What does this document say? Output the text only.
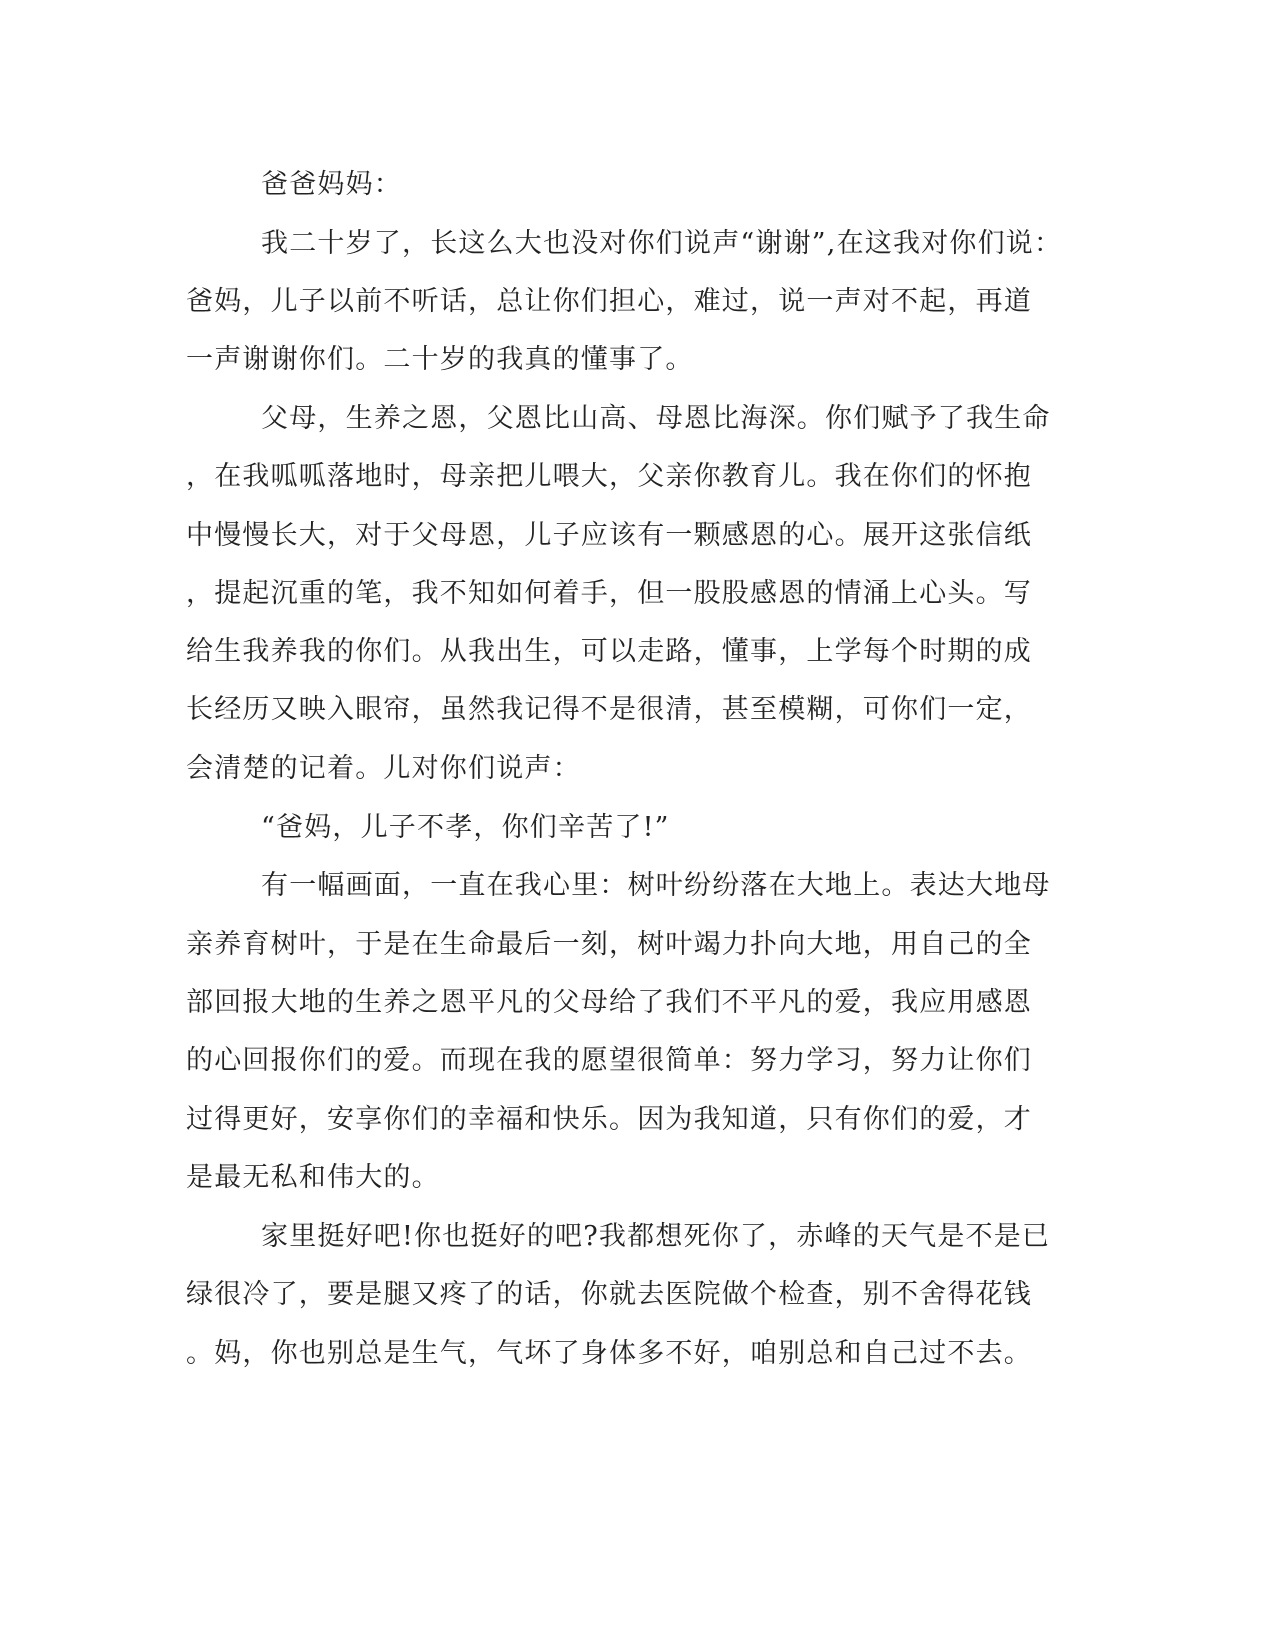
爸爸妈妈：
我二十岁了，长这么大也没对你们说声“谢谢”,在这我对你们说：
爸妈，儿子以前不听话，总让你们担心，难过，说一声对不起，再道
一声谢谢你们。二十岁的我真的懂事了。
父母，生养之恩，父恩比山高、母恩比海深。你们赋予了我生命
，在我呱呱落地时，母亲把儿喂大，父亲你教育儿。我在你们的怀抱
中慢慢长大，对于父母恩，儿子应该有一颗感恩的心。展开这张信纸
，提起沉重的笔，我不知如何着手，但一股股感恩的情涌上心头。写
给生我养我的你们。从我出生，可以走路，懂事，上学每个时期的成
长经历又映入眼帘，虽然我记得不是很清，甚至模糊，可你们一定，
会清楚的记着。儿对你们说声：
“爸妈，儿子不孝，你们辛苦了!”
有一幅画面，一直在我心里：树叶纷纷落在大地上。表达大地母
亲养育树叶，于是在生命最后一刻，树叶竭力扑向大地，用自己的全
部回报大地的生养之恩平凡的父母给了我们不平凡的爱，我应用感恩
的心回报你们的爱。而现在我的愿望很简单：努力学习，努力让你们
过得更好，安享你们的幸福和快乐。因为我知道，只有你们的爱，才
是最无私和伟大的。
家里挺好吧!你也挺好的吧?我都想死你了，赤峰的天气是不是已
绿很冷了，要是腿又疼了的话，你就去医院做个检查，别不舍得花钱
。妈，你也别总是生气，气坏了身体多不好，咱别总和自己过不去。
